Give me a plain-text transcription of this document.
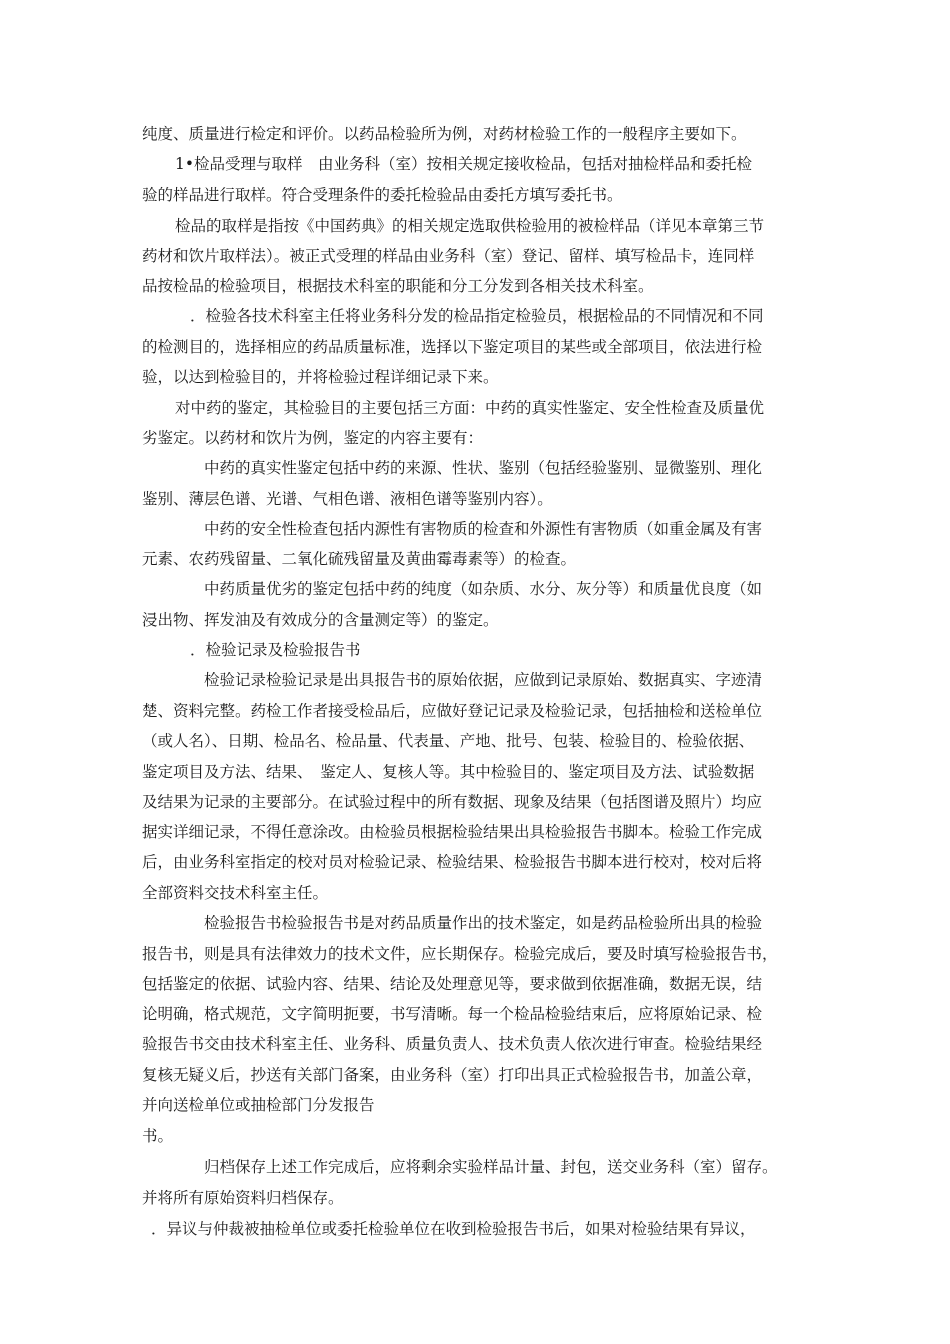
纯度、质量进行检定和评价。以药品检验所为例，对药材检验工作的一般程序主要如下。
1•检品受理与取样　由业务科（室）按相关规定接收检品，包括对抽检样品和委托检
验的样品进行取样。符合受理条件的委托检验品由委托方填写委托书。
检品的取样是指按《中国药典》的相关规定选取供检验用的被检样品（详见本章第三节
药材和饮片取样法）。被正式受理的样品由业务科（室）登记、留样、填写检品卡，连同样
品按检品的检验项目，根据技术科室的职能和分工分发到各相关技术科室。
．检验各技术科室主任将业务科分发的检品指定检验员，根据检品的不同情况和不同
的检测目的，选择相应的药品质量标准，选择以下鉴定项目的某些或全部项目，依法进行检
验，以达到检验目的，并将检验过程详细记录下来。
对中药的鉴定，其检验目的主要包括三方面：中药的真实性鉴定、安全性检查及质量优
劣鉴定。以药材和饮片为例，鉴定的内容主要有：
中药的真实性鉴定包括中药的来源、性状、鉴别（包括经验鉴别、显微鉴别、理化
鉴别、薄层色谱、光谱、气相色谱、液相色谱等鉴别内容）。
中药的安全性检查包括内源性有害物质的检查和外源性有害物质（如重金属及有害
元素、农药残留量、二氧化硫残留量及黄曲霉毒素等）的检查。
中药质量优劣的鉴定包括中药的纯度（如杂质、水分、灰分等）和质量优良度（如
浸出物、挥发油及有效成分的含量测定等）的鉴定。
．检验记录及检验报告书
检验记录检验记录是出具报告书的原始依据，应做到记录原始、数据真实、字迹清
楚、资料完整。药检工作者接受检品后，应做好登记记录及检验记录，包括抽检和送检单位
（或人名）、日期、检品名、检品量、代表量、产地、批号、包装、检验目的、检验依据、
鉴定项目及方法、结果、　鉴定人、复核人等。其中检验目的、鉴定项目及方法、试验数据
及结果为记录的主要部分。在试验过程中的所有数据、现象及结果（包括图谱及照片）均应
据实详细记录，不得任意涂改。由检验员根据检验结果出具检验报告书脚本。检验工作完成
后，由业务科室指定的校对员对检验记录、检验结果、检验报告书脚本进行校对，校对后将
全部资料交技术科室主任。
检验报告书检验报告书是对药品质量作出的技术鉴定，如是药品检验所出具的检验
报告书，则是具有法律效力的技术文件，应长期保存。检验完成后，要及时填写检验报告书，
包括鉴定的依据、试验内容、结果、结论及处理意见等，要求做到依据准确，数据无误，结
论明确，格式规范，文字简明扼要，书写清晰。每一个检品检验结束后，应将原始记录、检
验报告书交由技术科室主任、业务科、质量负责人、技术负责人依次进行审查。检验结果经
复核无疑义后，抄送有关部门备案，由业务科（室）打印出具正式检验报告书，加盖公章，
并向送检单位或抽检部门分发报告
书。
归档保存上述工作完成后，应将剩余实验样品计量、封包，送交业务科（室）留存。
并将所有原始资料归档保存。
．异议与仲裁被抽检单位或委托检验单位在收到检验报告书后，如果对检验结果有异议，
